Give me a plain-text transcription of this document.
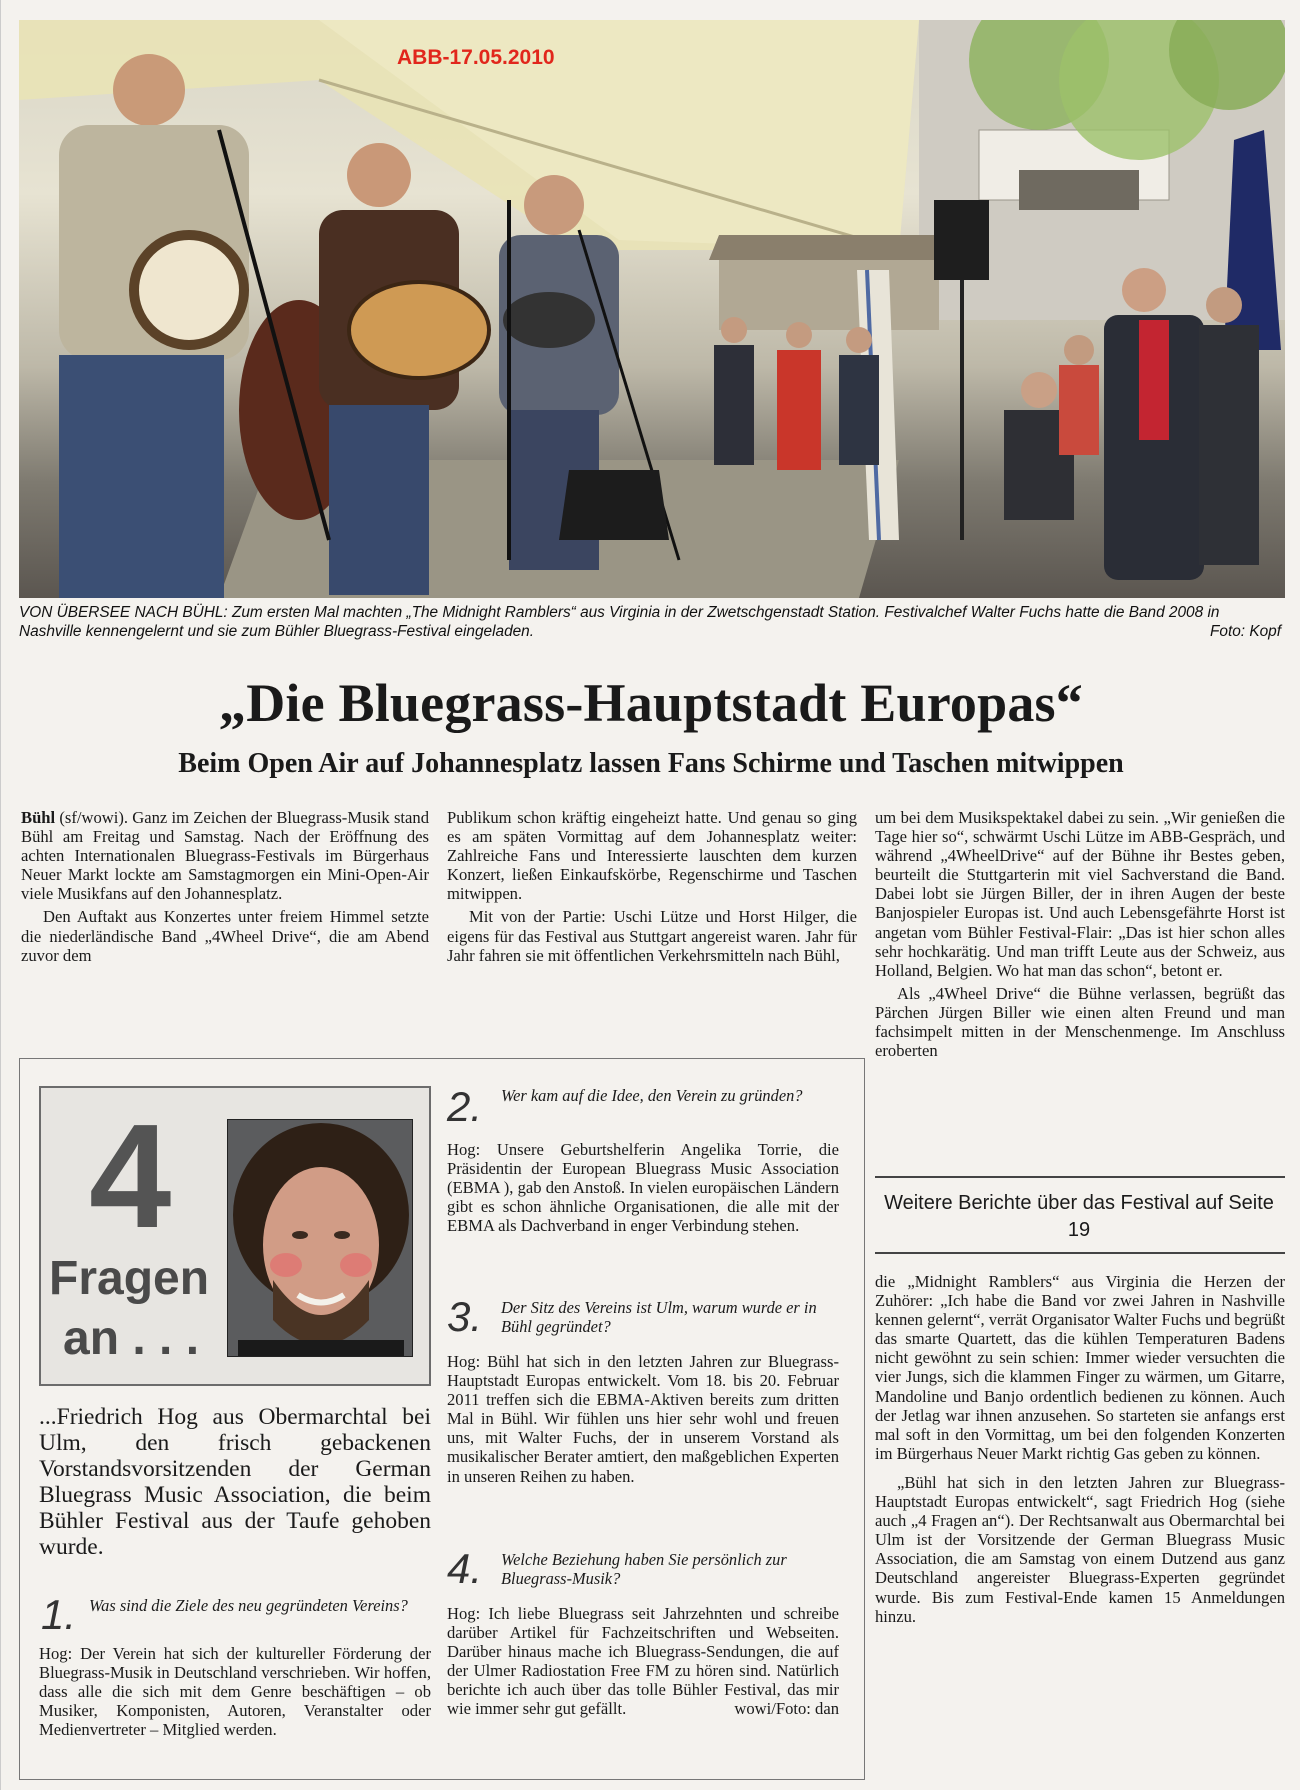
ABB-17.05.2010
VON ÜBERSEE NACH BÜHL: Zum ersten Mal machten „The Midnight Ramblers“ aus Virginia in der Zwetschgenstadt Station. Festivalchef Walter Fuchs hatte die Band 2008 in Nashville kennengelernt und sie zum Bühler Bluegrass-Festival eingeladen.	Foto: Kopf
„Die Bluegrass-Hauptstadt Europas“
Beim Open Air auf Johannesplatz lassen Fans Schirme und Taschen mitwippen

Bühl (sf/wowi). Ganz im Zeichen der Bluegrass-Musik stand Bühl am Freitag und Samstag. Nach der Eröffnung des achten Internationalen Bluegrass-Festivals im Bürgerhaus Neuer Markt lockte am Samstagmorgen ein Mini-Open-Air viele Musikfans auf den Johannesplatz.

Den Auftakt aus Konzertes unter freiem Himmel setzte die niederländische Band „4Wheel Drive“, die am Abend zuvor dem

Publikum schon kräftig eingeheizt hatte. Und genau so ging es am späten Vormittag auf dem Johannesplatz weiter: Zahlreiche Fans und Interessierte lauschten dem kurzen Konzert, ließen Einkaufskörbe, Regenschirme und Taschen mitwippen.

Mit von der Partie: Uschi Lütze und Horst Hilger, die eigens für das Festival aus Stuttgart angereist waren. Jahr für Jahr fahren sie mit öffentlichen Verkehrsmitteln nach Bühl,

um bei dem Musikspektakel dabei zu sein. „Wir genießen die Tage hier so“, schwärmt Uschi Lütze im ABB-Gespräch, und während „4WheelDrive“ auf der Bühne ihr Bestes geben, beurteilt die Stuttgarterin mit viel Sachverstand die Band. Dabei lobt sie Jürgen Biller, der in ihren Augen der beste Banjospieler Europas ist. Und auch Lebensgefährte Horst ist angetan vom Bühler Festival-Flair: „Das ist hier schon alles sehr hochkarätig. Und man trifft Leute aus der Schweiz, aus Holland, Belgien. Wo hat man das schon“, betont er.

Als „4Wheel Drive“ die Bühne verlassen, begrüßt das Pärchen Jürgen Biller wie einen alten Freund und man fachsimpelt mitten in der Menschenmenge. Im Anschluss eroberten

Weitere Berichte über das Festival auf Seite 19

die „Midnight Ramblers“ aus Virginia die Herzen der Zuhörer: „Ich habe die Band vor zwei Jahren in Nashville kennen gelernt“, verrät Organisator Walter Fuchs und begrüßt das smarte Quartett, das die kühlen Temperaturen Badens nicht gewöhnt zu sein schien: Immer wieder versuchten die vier Jungs, sich die klammen Finger zu wärmen, um Gitarre, Mandoline und Banjo ordentlich bedienen zu können. Auch der Jetlag war ihnen anzusehen. So starteten sie anfangs erst mal soft in den Vormittag, um bei den folgenden Konzerten im Bürgerhaus Neuer Markt richtig Gas geben zu können.

„Bühl hat sich in den letzten Jahren zur Bluegrass-Hauptstadt Europas entwickelt“, sagt Friedrich Hog (siehe auch „4 Fragen an“). Der Rechtsanwalt aus Obermarchtal bei Ulm ist der Vorsitzende der German Bluegrass Music Association, die am Samstag von einem Dutzend aus ganz Deutschland angereister Bluegrass-Experten gegründet wurde. Bis zum Festival-Ende kamen 15 Anmeldungen hinzu.

4
Fragen
an . . .
...Friedrich Hog aus Obermarchtal bei Ulm, den frisch gebackenen Vorstandsvorsitzenden der German Bluegrass Music Association, die beim Bühler Festival aus der Taufe gehoben wurde.
1. Was sind die Ziele des neu gegründeten Vereins?
Hog: Der Verein hat sich der kultureller Förderung der Bluegrass-Musik in Deutschland verschrieben. Wir hoffen, dass alle die sich mit dem Genre beschäftigen – ob Musiker, Komponisten, Autoren, Veranstalter oder Medienvertreter – Mitglied werden.
2. Wer kam auf die Idee, den Verein zu gründen?
Hog: Unsere Geburtshelferin Angelika Torrie, die Präsidentin der European Bluegrass Music Association (EBMA ), gab den Anstoß. In vielen europäischen Ländern gibt es schon ähnliche Organisationen, die alle mit der EBMA als Dachverband in enger Verbindung stehen.
3. Der Sitz des Vereins ist Ulm, warum wurde er in Bühl gegründet?
Hog: Bühl hat sich in den letzten Jahren zur Bluegrass-Hauptstadt Europas entwickelt. Vom 18. bis 20. Februar 2011 treffen sich die EBMA-Aktiven bereits zum dritten Mal in Bühl. Wir fühlen uns hier sehr wohl und freuen uns, mit Walter Fuchs, der in unserem Vorstand als musikalischer Berater amtiert, den maßgeblichen Experten in unseren Reihen zu haben.
4. Welche Beziehung haben Sie persönlich zur Bluegrass-Musik?
Hog: Ich liebe Bluegrass seit Jahrzehnten und schreibe darüber Artikel für Fachzeitschriften und Webseiten. Darüber hinaus mache ich Bluegrass-Sendungen, die auf der Ulmer Radiostation Free FM zu hören sind. Natürlich berichte ich auch über das tolle Bühler Festival, das mir wie immer sehr gut gefällt.	wowi/Foto: dan
